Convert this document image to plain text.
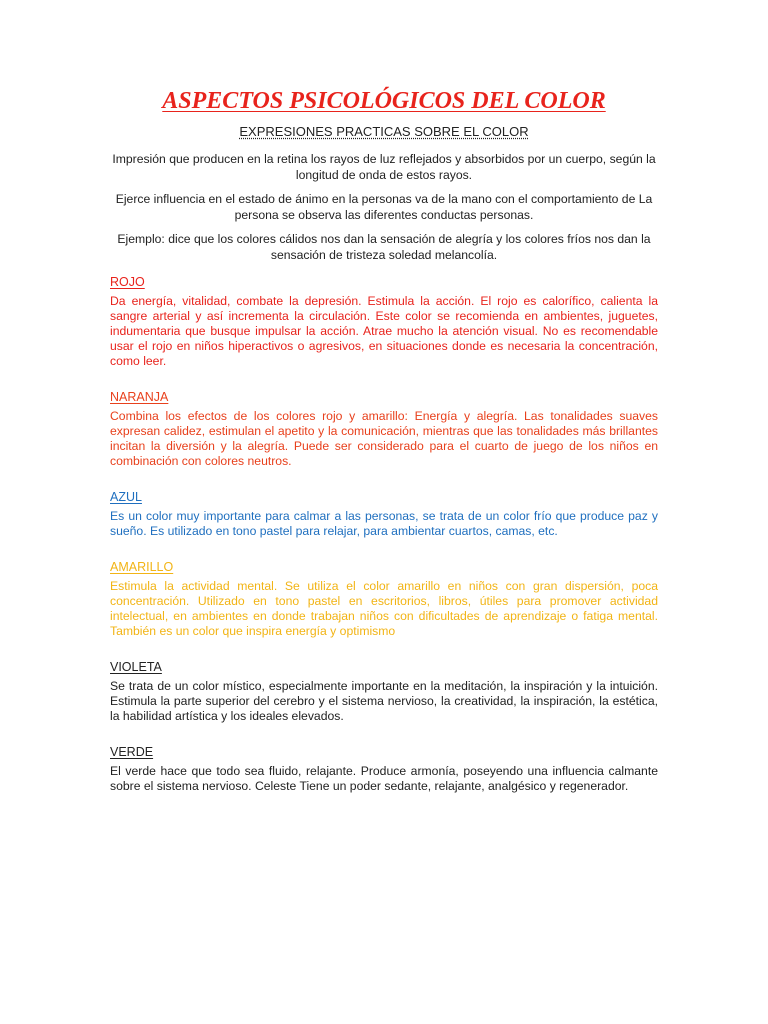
ASPECTOS PSICOLÓGICOS DEL COLOR
EXPRESIONES PRACTICAS SOBRE EL COLOR

Impresión que producen en la retina los rayos de luz reflejados y absorbidos por un cuerpo, según la longitud de onda de estos rayos.

Ejerce influencia en el estado de ánimo en la personas va de la mano con el comportamiento de La persona se observa las diferentes conductas personas.

Ejemplo: dice que los colores cálidos nos dan la sensación de alegría y los colores fríos nos dan la sensación de tristeza soledad melancolía.

ROJO

Da energía, vitalidad, combate la depresión. Estimula la acción. El rojo es calorífico, calienta la sangre arterial y así incrementa la circulación. Este color se recomienda en ambientes, juguetes, indumentaria que busque impulsar la acción. Atrae mucho la atención visual. No es recomendable usar el rojo en niños hiperactivos o agresivos, en situaciones donde es necesaria la concentración, como leer.

NARANJA

Combina los efectos de los colores rojo y amarillo: Energía y alegría. Las tonalidades suaves expresan calidez, estimulan el apetito y la comunicación, mientras que las tonalidades más brillantes incitan la diversión y la alegría. Puede ser considerado para el cuarto de juego de los niños en combinación con colores neutros.

AZUL

Es un color muy importante para calmar a las personas, se trata de un color frío que produce paz y sueño. Es utilizado en tono pastel para relajar, para ambientar cuartos, camas, etc.

AMARILLO

Estimula la actividad mental. Se utiliza el color amarillo en niños con gran dispersión, poca concentración. Utilizado en tono pastel en escritorios, libros, útiles para promover actividad intelectual, en ambientes en donde trabajan niños con dificultades de aprendizaje o fatiga mental. También es un color que inspira energía y optimismo

VIOLETA

Se trata de un color místico, especialmente importante en la meditación, la inspiración y la intuición. Estimula la parte superior del cerebro y el sistema nervioso, la creatividad, la inspiración, la estética, la habilidad artística y los ideales elevados.

VERDE

El verde hace que todo sea fluido, relajante. Produce armonía, poseyendo una influencia calmante sobre el sistema nervioso. Celeste Tiene un poder sedante, relajante, analgésico y regenerador.
